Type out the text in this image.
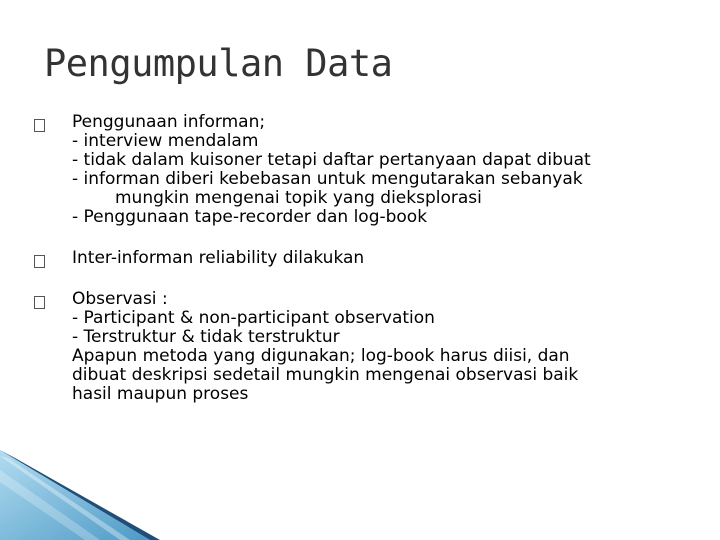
Pengumpulan Data
Penggunaan informan;
- interview mendalam
- tidak dalam kuisoner tetapi daftar pertanyaan dapat dibuat
- informan diberi kebebasan untuk mengutarakan sebanyak
mungkin mengenai topik yang dieksplorasi
- Penggunaan tape-recorder dan log-book
Inter-informan reliability dilakukan
Observasi :
- Participant & non-participant observation
- Terstruktur & tidak terstruktur
Apapun metoda yang digunakan; log-book harus diisi, dan
dibuat deskripsi sedetail mungkin mengenai observasi baik
hasil maupun proses
